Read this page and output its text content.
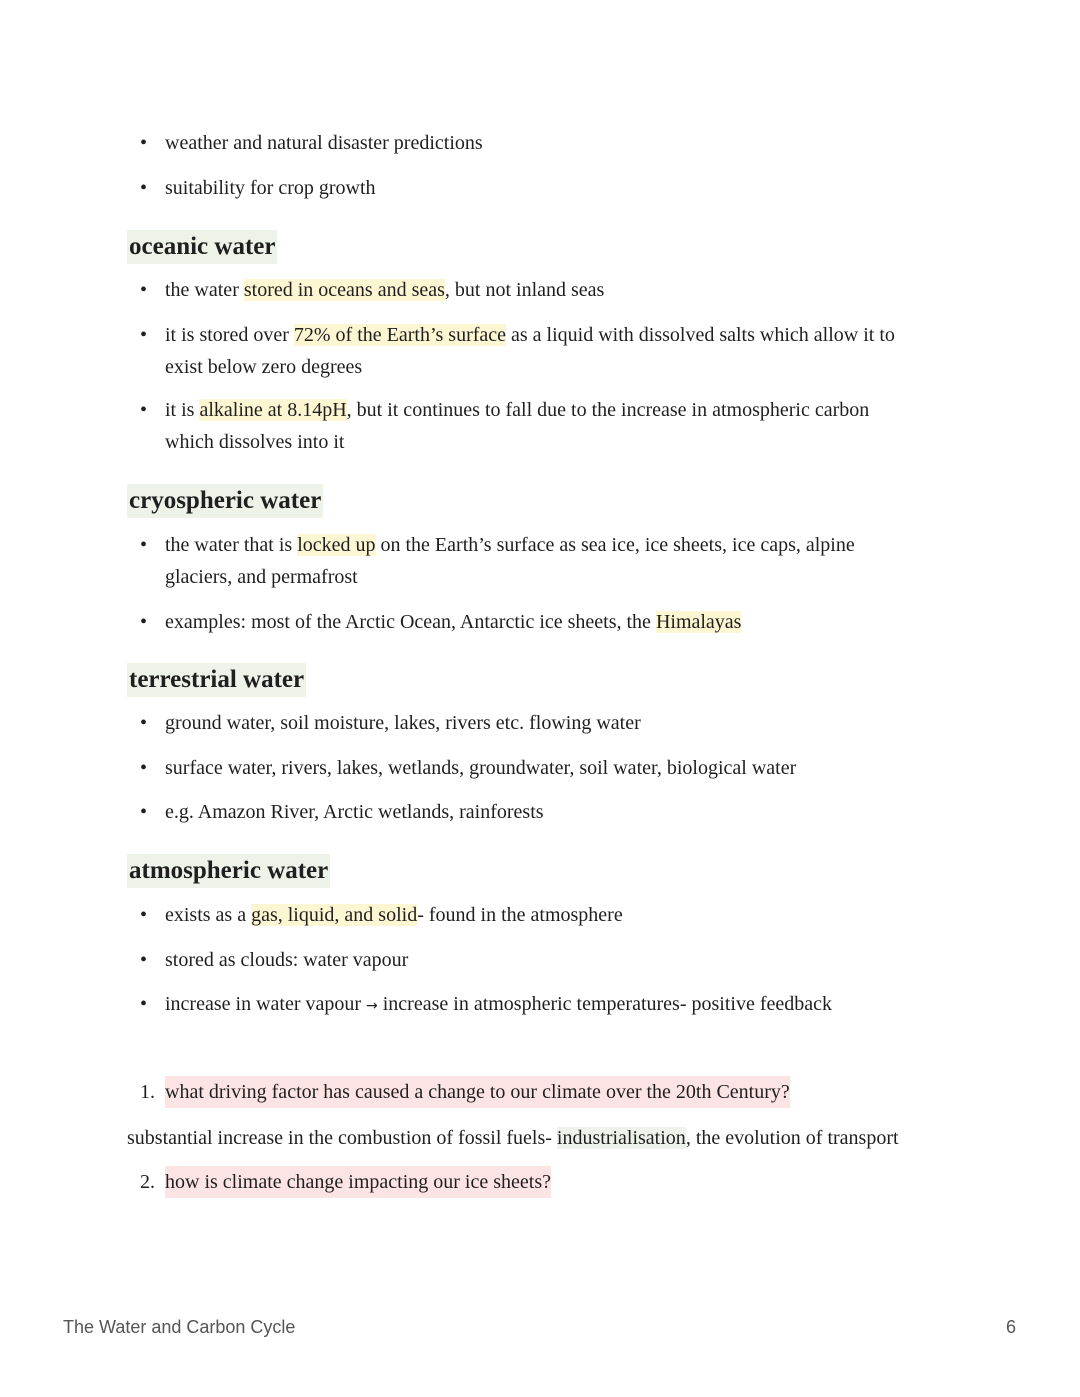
• weather and natural disaster predictions
• suitability for crop growth
oceanic water
• the water stored in oceans and seas, but not inland seas
• it is stored over 72% of the Earth’s surface as a liquid with dissolved salts which allow it to
exist below zero degrees
• it is alkaline at 8.14pH, but it continues to fall due to the increase in atmospheric carbon
which dissolves into it
cryospheric water
• the water that is locked up on the Earth’s surface as sea ice, ice sheets, ice caps, alpine
glaciers, and permafrost
• examples: most of the Arctic Ocean, Antarctic ice sheets, the Himalayas
terrestrial water
• ground water, soil moisture, lakes, rivers etc. flowing water
• surface water, rivers, lakes, wetlands, groundwater, soil water, biological water
• e.g. Amazon River, Arctic wetlands, rainforests
atmospheric water
• exists as a gas, liquid, and solid- found in the atmosphere
• stored as clouds: water vapour
• increase in water vapour → increase in atmospheric temperatures- positive feedback
1. what driving factor has caused a change to our climate over the 20th Century?
substantial increase in the combustion of fossil fuels- industrialisation, the evolution of transport
2. how is climate change impacting our ice sheets?
The Water and Carbon Cycle	6
